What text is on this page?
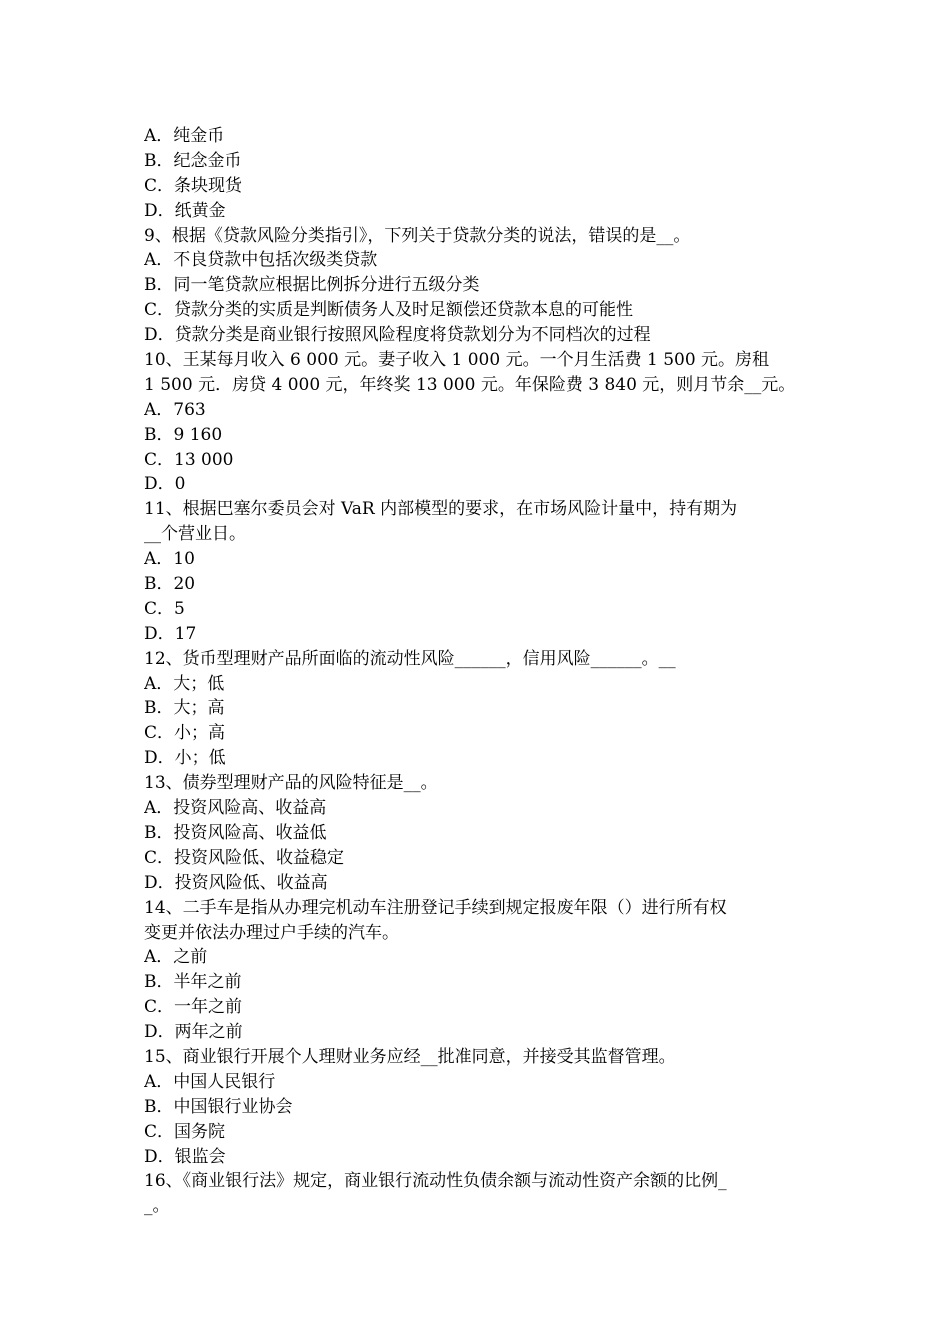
A．纯金币
B．纪念金币
C．条块现货
D．纸黄金
9、根据《贷款风险分类指引》，下列关于贷款分类的说法，错误的是__。
A．不良贷款中包括次级类贷款
B．同一笔贷款应根据比例拆分进行五级分类
C．贷款分类的实质是判断债务人及时足额偿还贷款本息的可能性
D．贷款分类是商业银行按照风险程度将贷款划分为不同档次的过程
10、王某每月收入 6 000 元。妻子收入 1 000 元。一个月生活费 1 500 元。房租
1 500 元．房贷 4 000 元，年终奖 13 000 元。年保险费 3 840 元，则月节余__元。
A．763
B．9 160
C．13 000
D．0
11、根据巴塞尔委员会对 VaR 内部模型的要求，在市场风险计量中，持有期为
__个营业日。
A．10
B．20
C．5
D．17
12、货币型理财产品所面临的流动性风险______，信用风险______。__
A．大；低
B．大；高
C．小；高
D．小；低
13、债券型理财产品的风险特征是__。
A．投资风险高、收益高
B．投资风险高、收益低
C．投资风险低、收益稳定
D．投资风险低、收益高
14、二手车是指从办理完机动车注册登记手续到规定报废年限（）进行所有权
变更并依法办理过户手续的汽车。
A．之前
B．半年之前
C．一年之前
D．两年之前
15、商业银行开展个人理财业务应经__批准同意，并接受其监督管理。
A．中国人民银行
B．中国银行业协会
C．国务院
D．银监会
16、《商业银行法》规定，商业银行流动性负债余额与流动性资产余额的比例_
_。
